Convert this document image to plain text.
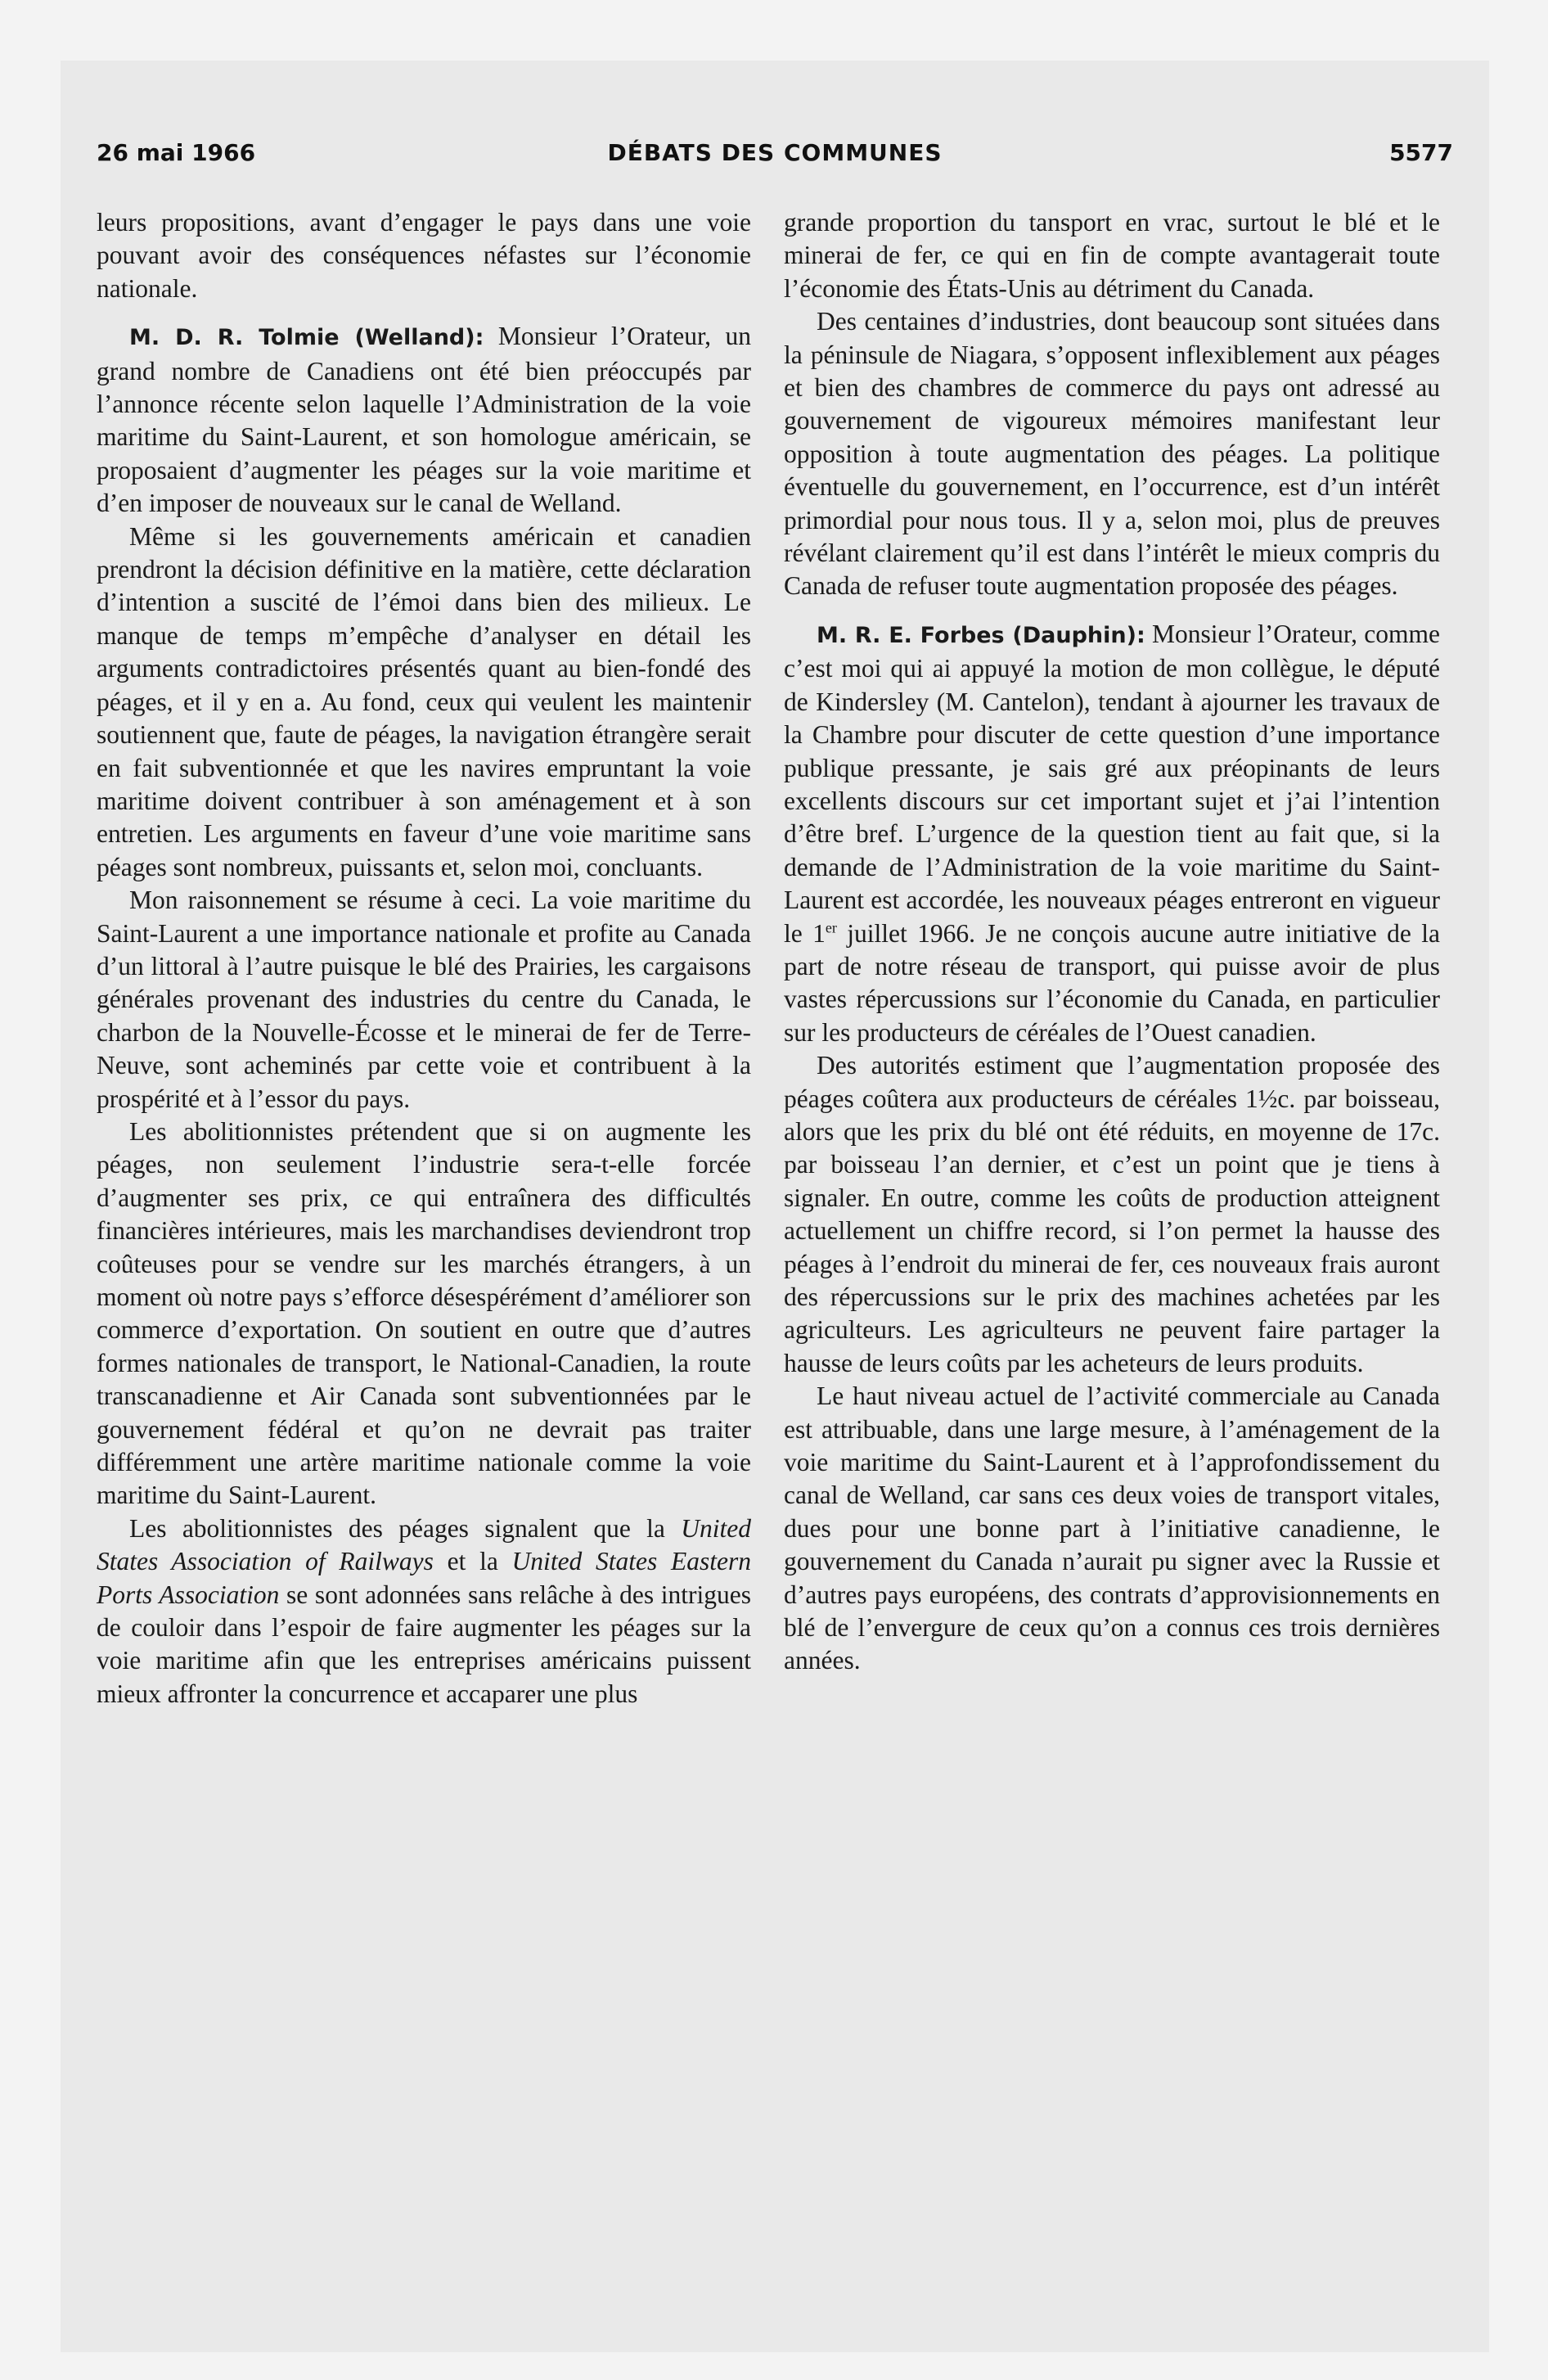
26 mai 1966	DÉBATS DES COMMUNES	5577

leurs propositions, avant d’engager le pays dans une voie pouvant avoir des conséquences néfastes sur l’économie nationale.

M. D. R. Tolmie (Welland): Monsieur l’Orateur, un grand nombre de Canadiens ont été bien préoccupés par l’annonce récente selon laquelle l’Administration de la voie maritime du Saint-Laurent, et son homologue américain, se proposaient d’augmenter les péages sur la voie maritime et d’en imposer de nouveaux sur le canal de Welland.

Même si les gouvernements américain et canadien prendront la décision définitive en la matière, cette déclaration d’intention a suscité de l’émoi dans bien des milieux. Le manque de temps m’empêche d’analyser en détail les arguments contradictoires présentés quant au bien-fondé des péages, et il y en a. Au fond, ceux qui veulent les maintenir soutiennent que, faute de péages, la navigation étrangère serait en fait subventionnée et que les navires empruntant la voie maritime doivent contribuer à son aménagement et à son entretien. Les arguments en faveur d’une voie maritime sans péages sont nombreux, puissants et, selon moi, concluants.

Mon raisonnement se résume à ceci. La voie maritime du Saint-Laurent a une importance nationale et profite au Canada d’un littoral à l’autre puisque le blé des Prairies, les cargaisons générales provenant des industries du centre du Canada, le charbon de la Nouvelle-Écosse et le minerai de fer de Terre-Neuve, sont acheminés par cette voie et contribuent à la prospérité et à l’essor du pays.

Les abolitionnistes prétendent que si on augmente les péages, non seulement l’industrie sera-t-elle forcée d’augmenter ses prix, ce qui entraînera des difficultés financières intérieures, mais les marchandises deviendront trop coûteuses pour se vendre sur les marchés étrangers, à un moment où notre pays s’efforce désespérément d’améliorer son commerce d’exportation. On soutient en outre que d’autres formes nationales de transport, le National-Canadien, la route transcanadienne et Air Canada sont subventionnées par le gouvernement fédéral et qu’on ne devrait pas traiter différemment une artère maritime nationale comme la voie maritime du Saint-Laurent.

Les abolitionnistes des péages signalent que la United States Association of Railways et la United States Eastern Ports Association se sont adonnées sans relâche à des intrigues de couloir dans l’espoir de faire augmenter les péages sur la voie maritime afin que les entreprises américains puissent mieux affronter la concurrence et accaparer une plus

grande proportion du tansport en vrac, surtout le blé et le minerai de fer, ce qui en fin de compte avantagerait toute l’économie des États-Unis au détriment du Canada.

Des centaines d’industries, dont beaucoup sont situées dans la péninsule de Niagara, s’opposent inflexiblement aux péages et bien des chambres de commerce du pays ont adressé au gouvernement de vigoureux mémoires manifestant leur opposition à toute augmentation des péages. La politique éventuelle du gouvernement, en l’occurrence, est d’un intérêt primordial pour nous tous. Il y a, selon moi, plus de preuves révélant clairement qu’il est dans l’intérêt le mieux compris du Canada de refuser toute augmentation proposée des péages.

M. R. E. Forbes (Dauphin): Monsieur l’Orateur, comme c’est moi qui ai appuyé la motion de mon collègue, le député de Kindersley (M. Cantelon), tendant à ajourner les travaux de la Chambre pour discuter de cette question d’une importance publique pressante, je sais gré aux préopinants de leurs excellents discours sur cet important sujet et j’ai l’intention d’être bref. L’urgence de la question tient au fait que, si la demande de l’Administration de la voie maritime du Saint-Laurent est accordée, les nouveaux péages entreront en vigueur le 1er juillet 1966. Je ne conçois aucune autre initiative de la part de notre réseau de transport, qui puisse avoir de plus vastes répercussions sur l’économie du Canada, en particulier sur les producteurs de céréales de l’Ouest canadien.

Des autorités estiment que l’augmentation proposée des péages coûtera aux producteurs de céréales 1½c. par boisseau, alors que les prix du blé ont été réduits, en moyenne de 17c. par boisseau l’an dernier, et c’est un point que je tiens à signaler. En outre, comme les coûts de production atteignent actuellement un chiffre record, si l’on permet la hausse des péages à l’endroit du minerai de fer, ces nouveaux frais auront des répercussions sur le prix des machines achetées par les agriculteurs. Les agriculteurs ne peuvent faire partager la hausse de leurs coûts par les acheteurs de leurs produits.

Le haut niveau actuel de l’activité commerciale au Canada est attribuable, dans une large mesure, à l’aménagement de la voie maritime du Saint-Laurent et à l’approfondissement du canal de Welland, car sans ces deux voies de transport vitales, dues pour une bonne part à l’initiative canadienne, le gouvernement du Canada n’aurait pu signer avec la Russie et d’autres pays européens, des contrats d’approvisionnements en blé de l’envergure de ceux qu’on a connus ces trois dernières années.
